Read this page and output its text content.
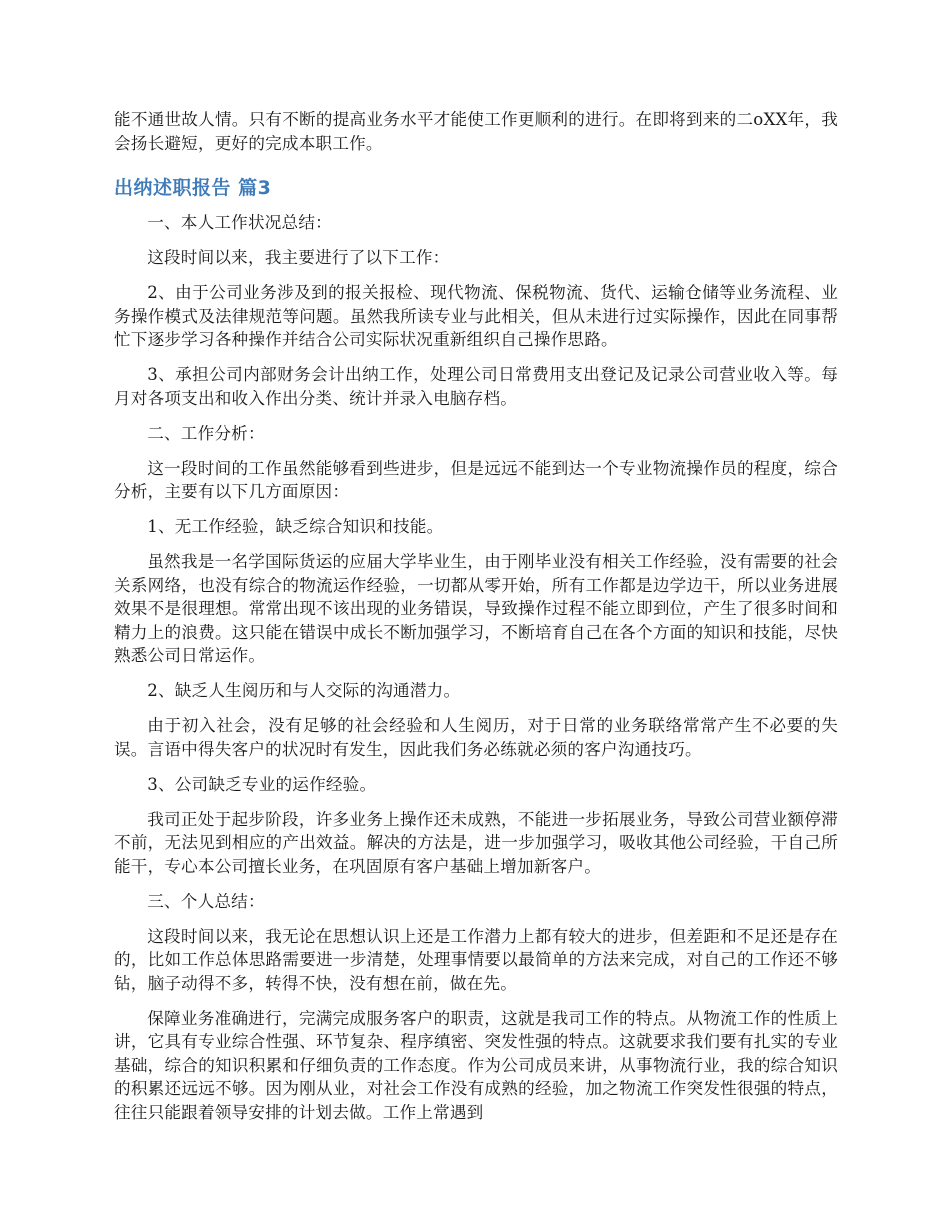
能不通世故人情。只有不断的提高业务水平才能使工作更顺利的进行。在即将到来的二oXX年，我会扬长避短，更好的完成本职工作。

出纳述职报告 篇3

一、本人工作状况总结：

这段时间以来，我主要进行了以下工作：

2、由于公司业务涉及到的报关报检、现代物流、保税物流、货代、运输仓储等业务流程、业务操作模式及法律规范等问题。虽然我所读专业与此相关，但从未进行过实际操作，因此在同事帮忙下逐步学习各种操作并结合公司实际状况重新组织自己操作思路。

3、承担公司内部财务会计出纳工作，处理公司日常费用支出登记及记录公司营业收入等。每月对各项支出和收入作出分类、统计并录入电脑存档。

二、工作分析：

这一段时间的工作虽然能够看到些进步，但是远远不能到达一个专业物流操作员的程度，综合分析，主要有以下几方面原因：

1、无工作经验，缺乏综合知识和技能。

虽然我是一名学国际货运的应届大学毕业生，由于刚毕业没有相关工作经验，没有需要的社会关系网络，也没有综合的物流运作经验，一切都从零开始，所有工作都是边学边干，所以业务进展效果不是很理想。常常出现不该出现的业务错误，导致操作过程不能立即到位，产生了很多时间和精力上的浪费。这只能在错误中成长不断加强学习，不断培育自己在各个方面的知识和技能，尽快熟悉公司日常运作。

2、缺乏人生阅历和与人交际的沟通潜力。

由于初入社会，没有足够的社会经验和人生阅历，对于日常的业务联络常常产生不必要的失误。言语中得失客户的状况时有发生，因此我们务必练就必须的客户沟通技巧。

3、公司缺乏专业的运作经验。

我司正处于起步阶段，许多业务上操作还未成熟，不能进一步拓展业务，导致公司营业额停滞不前，无法见到相应的产出效益。解决的方法是，进一步加强学习，吸收其他公司经验，干自己所能干，专心本公司擅长业务，在巩固原有客户基础上增加新客户。

三、个人总结：

这段时间以来，我无论在思想认识上还是工作潜力上都有较大的进步，但差距和不足还是存在的，比如工作总体思路需要进一步清楚，处理事情要以最简单的方法来完成，对自己的工作还不够钻，脑子动得不多，转得不快，没有想在前，做在先。

保障业务准确进行，完满完成服务客户的职责，这就是我司工作的特点。从物流工作的性质上讲，它具有专业综合性强、环节复杂、程序缜密、突发性强的特点。这就要求我们要有扎实的专业基础，综合的知识积累和仔细负责的工作态度。作为公司成员来讲，从事物流行业，我的综合知识的积累还远远不够。因为刚从业，对社会工作没有成熟的经验，加之物流工作突发性很强的特点，往往只能跟着领导安排的计划去做。工作上常遇到
